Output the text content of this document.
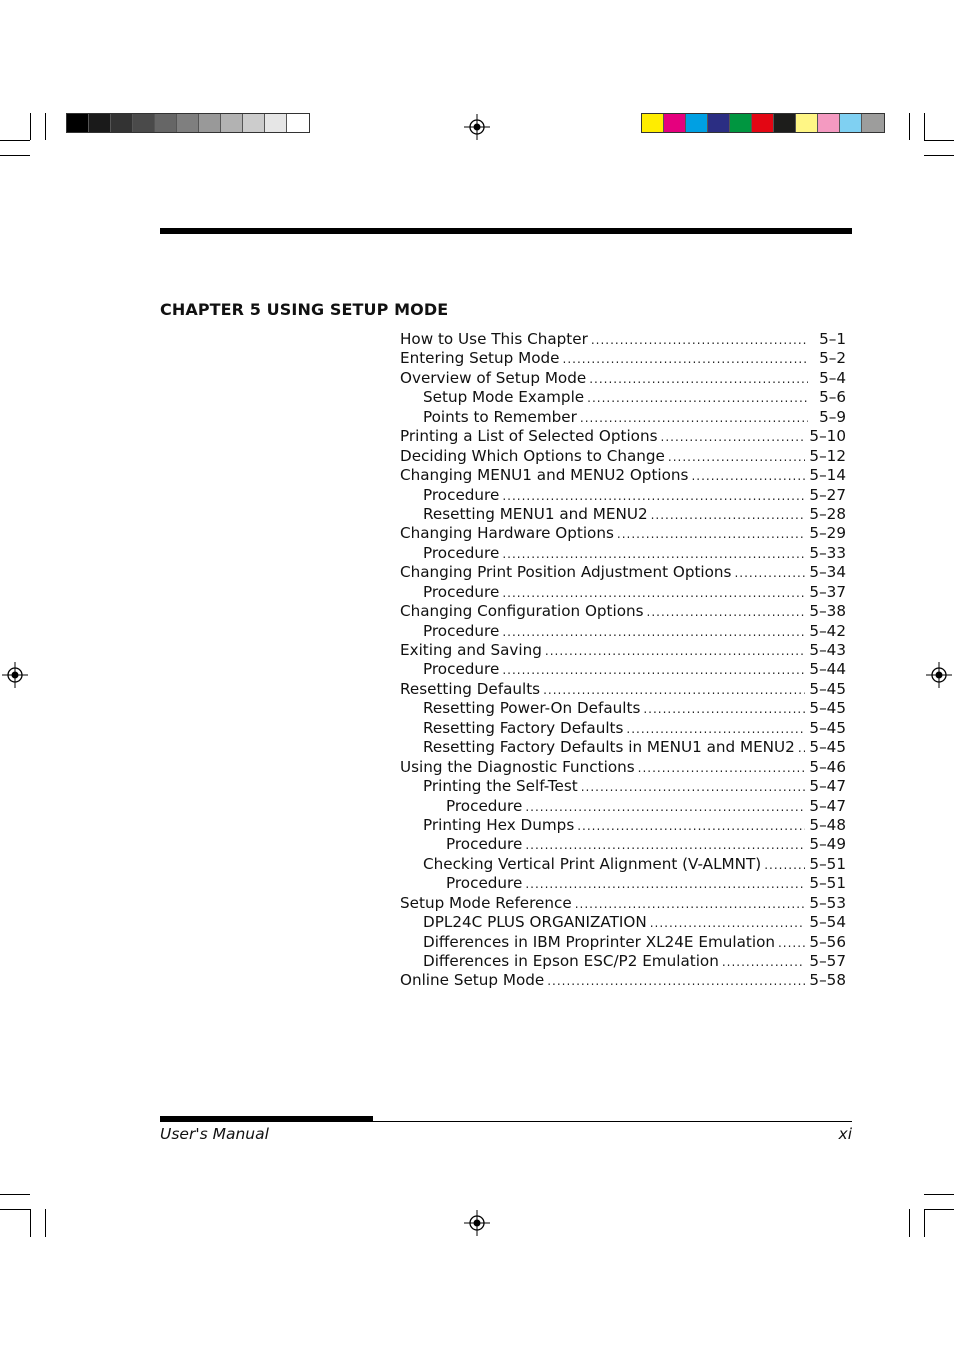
CHAPTER 5 USING SETUP MODE
How to Use This Chapter .....	5–1
Entering Setup Mode .....	5–2
Overview of Setup Mode .....	5–4
Setup Mode Example .....	5–6
Points to Remember .....	5–9
Printing a List of Selected Options .....	5–10
Deciding Which Options to Change .....	5–12
Changing MENU1 and MENU2 Options .....	5–14
Procedure .....	5–27
Resetting MENU1 and MENU2 .....	5–28
Changing Hardware Options .....	5–29
Procedure .....	5–33
Changing Print Position Adjustment Options .....	5–34
Procedure .....	5–37
Changing Configuration Options .....	5–38
Procedure .....	5–42
Exiting and Saving .....	5–43
Procedure .....	5–44
Resetting Defaults .....	5–45
Resetting Power-On Defaults .....	5–45
Resetting Factory Defaults .....	5–45
Resetting Factory Defaults in MENU1 and MENU2 ..... 5–45
Using the Diagnostic Functions .....	5–46
Printing the Self-Test .....	5–47
Procedure .....	5–47
Printing Hex Dumps .....	5–48
Procedure .....	5–49
Checking Vertical Print Alignment (V-ALMNT) .....	5–51
Procedure .....	5–51
Setup Mode Reference .....	5–53
DPL24C PLUS ORGANIZATION .....	5–54
Differences in IBM Proprinter XL24E Emulation ..... 5–56
Differences in Epson ESC/P2 Emulation .....	5–57
Online Setup Mode .....	5–58
User's Manual	xi
